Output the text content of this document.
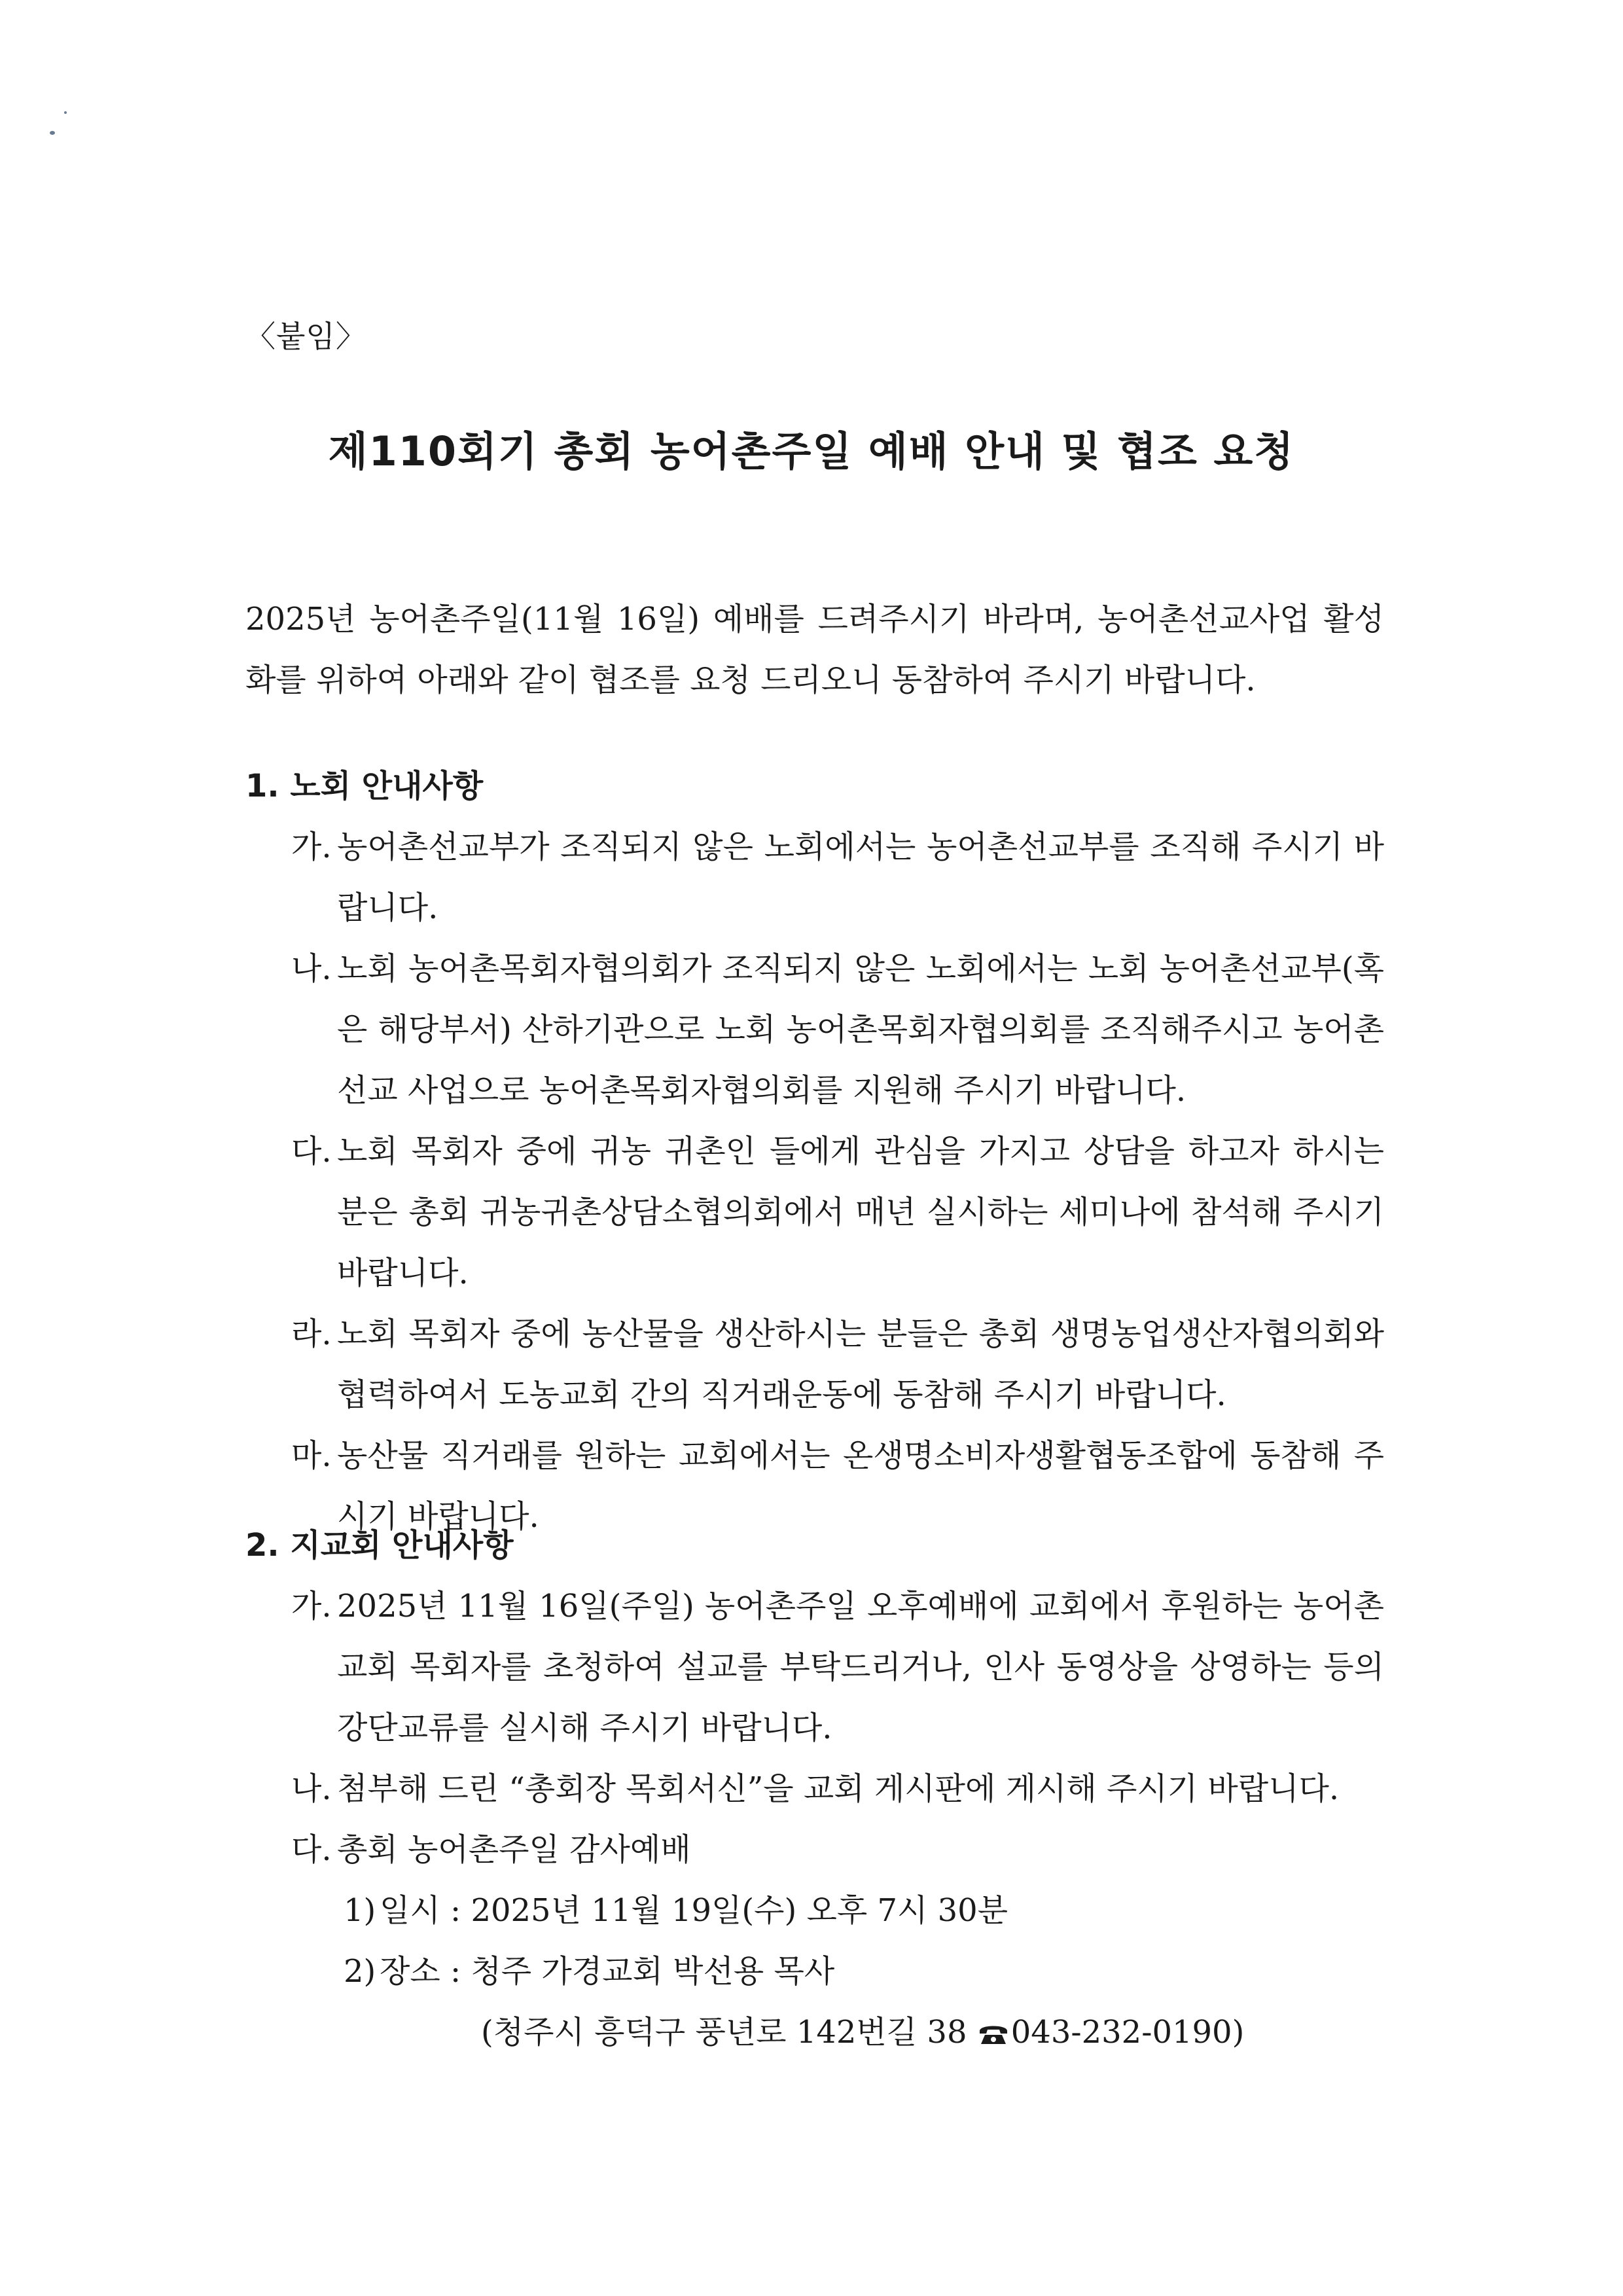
〈붙임〉
제110회기 총회 농어촌주일 예배 안내 및 협조 요청

2025년 농어촌주일(11월 16일) 예배를 드려주시기 바라며, 농어촌선교사업 활성화를 위하여 아래와 같이 협조를 요청 드리오니 동참하여 주시기 바랍니다.

1. 노회 안내사항

가. 농어촌선교부가 조직되지 않은 노회에서는 농어촌선교부를 조직해 주시기 바랍니다.
나. 노회 농어촌목회자협의회가 조직되지 않은 노회에서는 노회 농어촌선교부(혹은 해당부서) 산하기관으로 노회 농어촌목회자협의회를 조직해주시고 농어촌선교 사업으로 농어촌목회자협의회를 지원해 주시기 바랍니다.
다. 노회 목회자 중에 귀농 귀촌인 들에게 관심을 가지고 상담을 하고자 하시는 분은 총회 귀농귀촌상담소협의회에서 매년 실시하는 세미나에 참석해 주시기 바랍니다.
라. 노회 목회자 중에 농산물을 생산하시는 분들은 총회 생명농업생산자협의회와 협력하여서 도농교회 간의 직거래운동에 동참해 주시기 바랍니다.
마. 농산물 직거래를 원하는 교회에서는 온생명소비자생활협동조합에 동참해 주시기 바랍니다.

2. 지교회 안내사항

가. 2025년 11월 16일(주일) 농어촌주일 오후예배에 교회에서 후원하는 농어촌교회 목회자를 초청하여 설교를 부탁드리거나, 인사 동영상을 상영하는 등의 강단교류를 실시해 주시기 바랍니다.
나. 첨부해 드린 “총회장 목회서신”을 교회 게시판에 게시해 주시기 바랍니다.
다. 총회 농어촌주일 감사예배
1) 일시 : 2025년 11월 19일(수) 오후 7시 30분
2) 장소 : 청주 가경교회 박선용 목사
(청주시 흥덕구 풍년로 142번길 38 043-232-0190)
